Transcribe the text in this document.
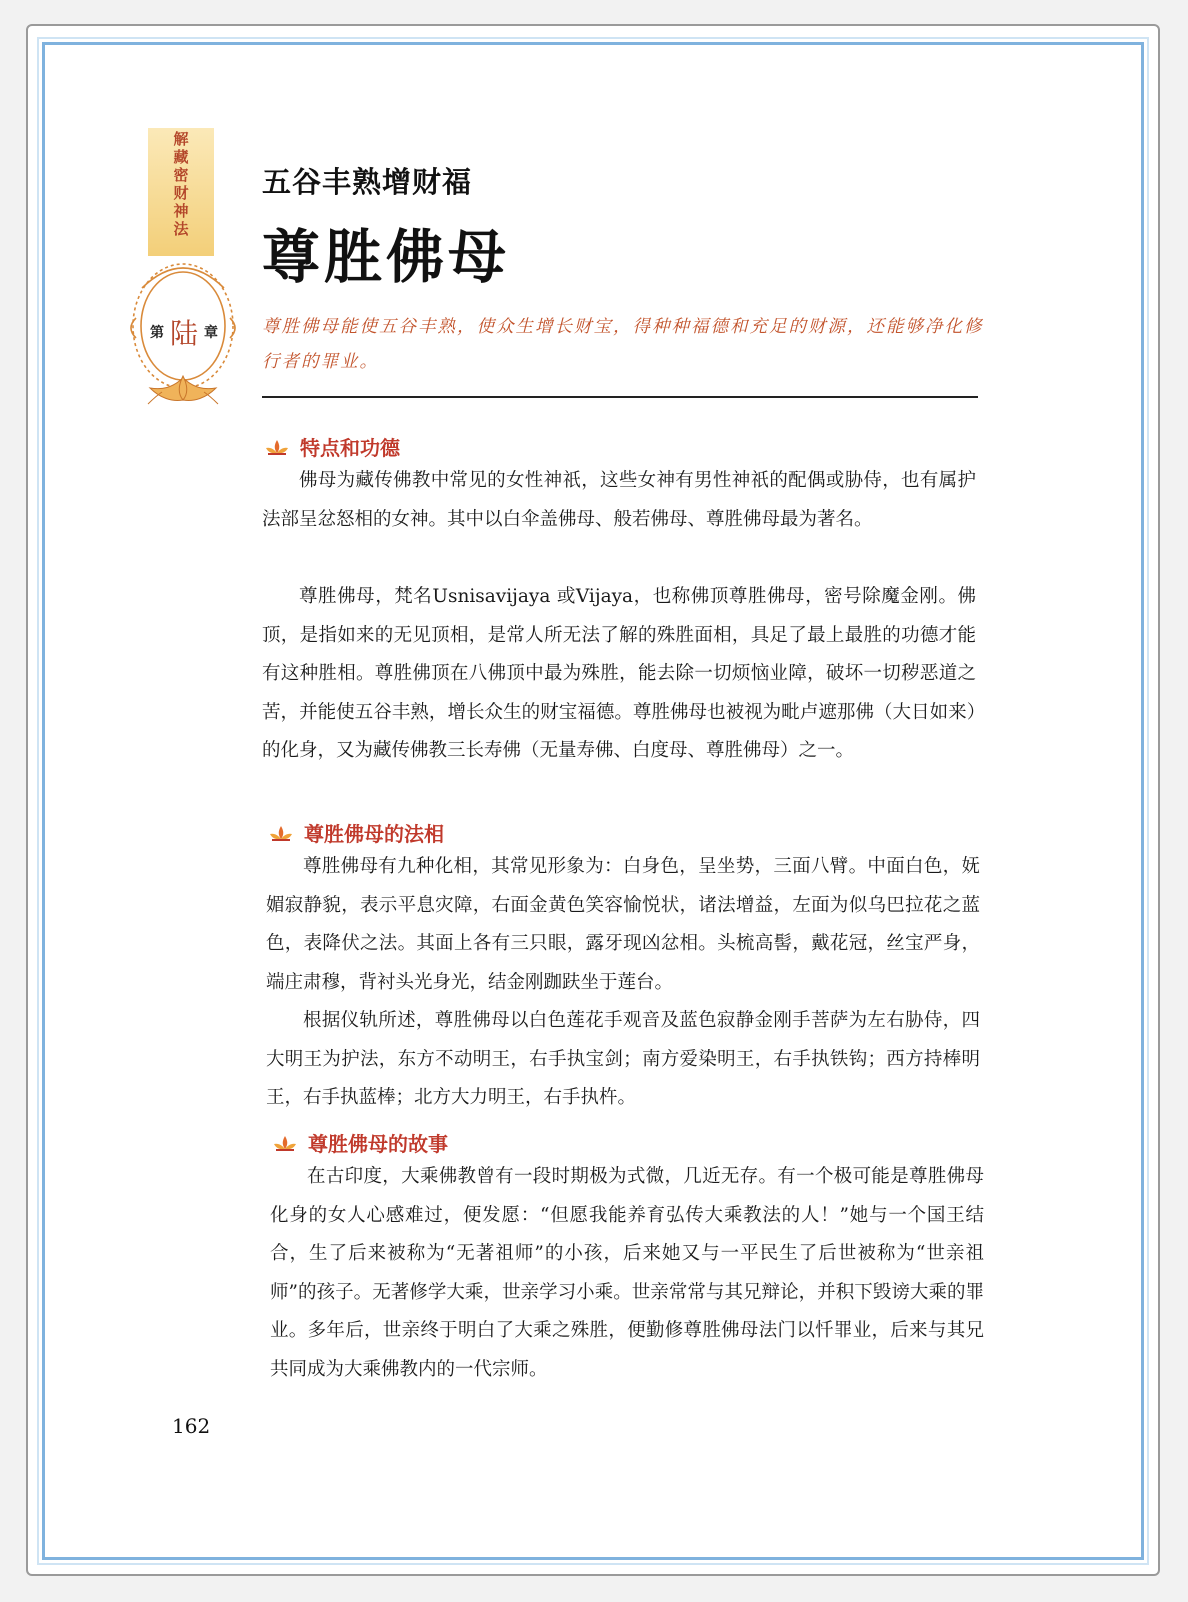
解
藏
密
财
神
法
第 陆 章
五谷丰熟增财福
尊胜佛母
尊胜佛母能使五谷丰熟，使众生增长财宝，得种种福德和充足的财源，还能够净化修行者的罪业。
特点和功德

佛母为藏传佛教中常见的女性神祇，这些女神有男性神祇的配偶或胁侍，也有属护法部呈忿怒相的女神。其中以白伞盖佛母、般若佛母、尊胜佛母最为著名。

尊胜佛母，梵名Usnisavijaya 或Vijaya，也称佛顶尊胜佛母，密号除魔金刚。佛顶，是指如来的无见顶相，是常人所无法了解的殊胜面相，具足了最上最胜的功德才能有这种胜相。尊胜佛顶在八佛顶中最为殊胜，能去除一切烦恼业障，破坏一切秽恶道之苦，并能使五谷丰熟，增长众生的财宝福德。尊胜佛母也被视为毗卢遮那佛（大日如来）的化身，又为藏传佛教三长寿佛（无量寿佛、白度母、尊胜佛母）之一。

尊胜佛母的法相

尊胜佛母有九种化相，其常见形象为：白身色，呈坐势，三面八臂。中面白色，妩媚寂静貌，表示平息灾障，右面金黄色笑容愉悦状，诸法增益，左面为似乌巴拉花之蓝色，表降伏之法。其面上各有三只眼，露牙现凶忿相。头梳高髻，戴花冠，丝宝严身，端庄肃穆，背衬头光身光，结金刚跏趺坐于莲台。

根据仪轨所述，尊胜佛母以白色莲花手观音及蓝色寂静金刚手菩萨为左右胁侍，四大明王为护法，东方不动明王，右手执宝剑；南方爱染明王，右手执铁钩；西方持棒明王，右手执蓝棒；北方大力明王，右手执杵。

尊胜佛母的故事

在古印度，大乘佛教曾有一段时期极为式微，几近无存。有一个极可能是尊胜佛母化身的女人心感难过，便发愿：“但愿我能养育弘传大乘教法的人！”她与一个国王结合，生了后来被称为“无著祖师”的小孩，后来她又与一平民生了后世被称为“世亲祖师”的孩子。无著修学大乘，世亲学习小乘。世亲常常与其兄辩论，并积下毁谤大乘的罪业。多年后，世亲终于明白了大乘之殊胜，便勤修尊胜佛母法门以忏罪业，后来与其兄共同成为大乘佛教内的一代宗师。

162
